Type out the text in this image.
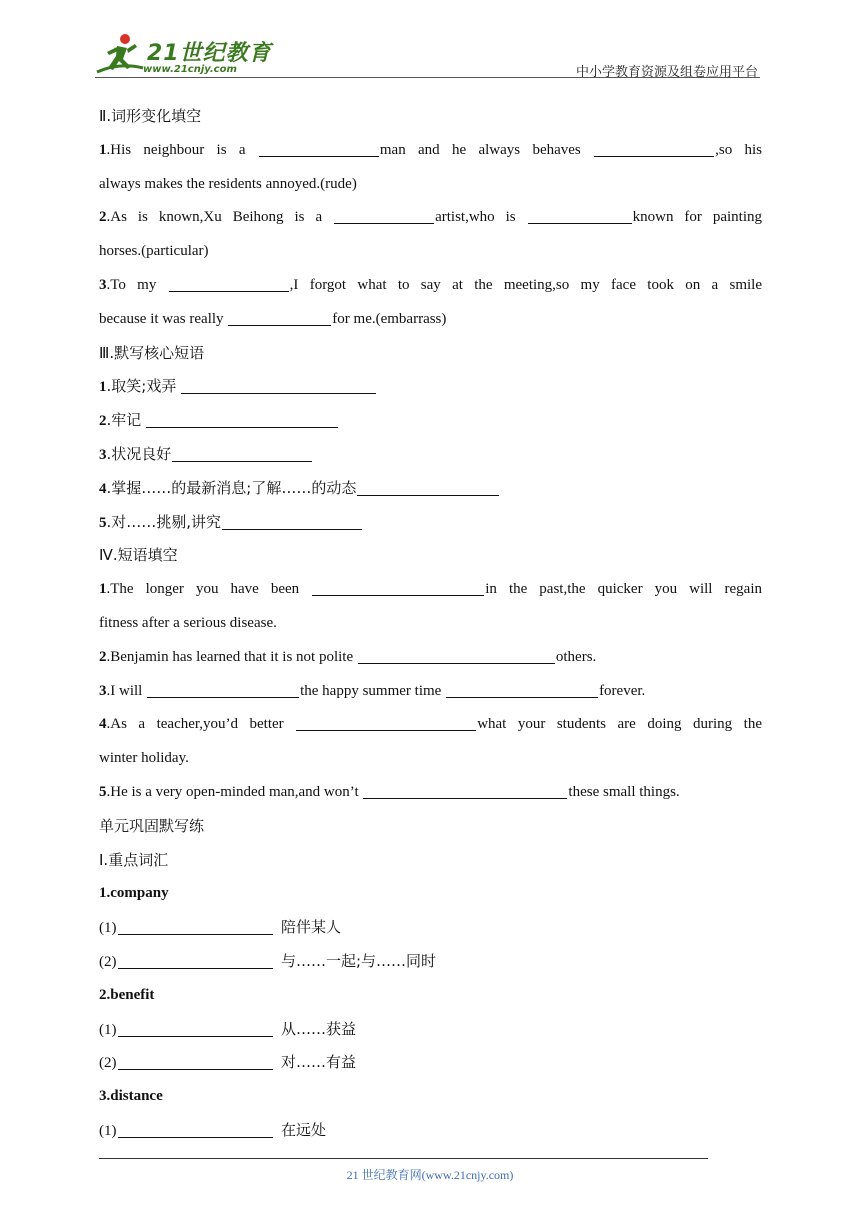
21世纪教育
www.21cnjy.com	中小学教育资源及组卷应用平台
Ⅱ.词形变化填空
1.His neighbour is a	man and he always behaves	,so his
always makes the residents annoyed.(rude)
2.As is known,Xu Beihong is a	artist,who is	known for painting
horses.(particular)
3.To my	,I forgot what to say at the meeting,so my face took on a smile
because it was really	for me.(embarrass)
Ⅲ.默写核心短语
1.取笑;戏弄
2.牢记
3.状况良好
4.掌握……的最新消息;了解……的动态
5.对……挑剔,讲究
Ⅳ.短语填空
1.The longer you have been	in the past,the quicker you will regain
fitness after a serious disease.
2.Benjamin has learned that it is not polite	others.
3.I will	the happy summer time	forever.
4.As a teacher,you’d better	what your students are doing during the
winter holiday.
5.He is a very open-minded man,and won’t	these small things.
单元巩固默写练
Ⅰ.重点词汇
1.company
(1)	陪伴某人
(2)	与……一起;与……同时
2.benefit
(1)	从……获益
(2)	对……有益
3.distance
(1)	在远处
21 世纪教育网(www.21cnjy.com)
